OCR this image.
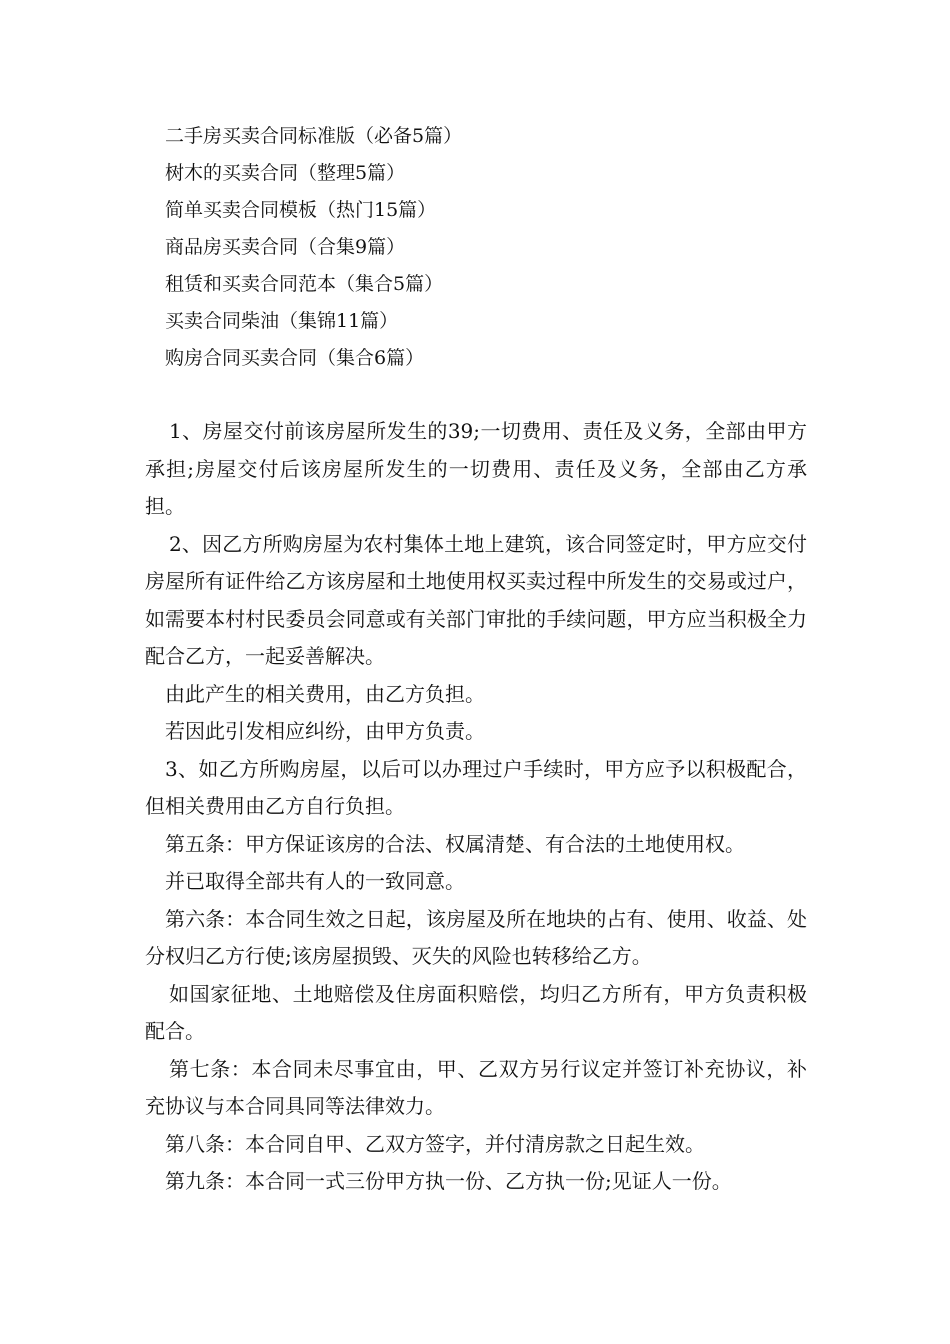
二手房买卖合同标准版（必备5篇）
树木的买卖合同（整理5篇）
简单买卖合同模板（热门15篇）
商品房买卖合同（合集9篇）
租赁和买卖合同范本（集合5篇）
买卖合同柴油（集锦11篇）
购房合同买卖合同（集合6篇）

1、房屋交付前该房屋所发生的39;一切费用、责任及义务，全部由甲方承担;房屋交付后该房屋所发生的一切费用、责任及义务，全部由乙方承担。

2、因乙方所购房屋为农村集体土地上建筑，该合同签定时，甲方应交付房屋所有证件给乙方该房屋和土地使用权买卖过程中所发生的交易或过户，如需要本村村民委员会同意或有关部门审批的手续问题，甲方应当积极全力配合乙方，一起妥善解决。

由此产生的相关费用，由乙方负担。

若因此引发相应纠纷，由甲方负责。

3、如乙方所购房屋，以后可以办理过户手续时，甲方应予以积极配合，但相关费用由乙方自行负担。

第五条：甲方保证该房的合法、权属清楚、有合法的土地使用权。

并已取得全部共有人的一致同意。

第六条：本合同生效之日起，该房屋及所在地块的占有、使用、收益、处分权归乙方行使;该房屋损毁、灭失的风险也转移给乙方。

如国家征地、土地赔偿及住房面积赔偿，均归乙方所有，甲方负责积极配合。

第七条：本合同未尽事宜由，甲、乙双方另行议定并签订补充协议，补充协议与本合同具同等法律效力。

第八条：本合同自甲、乙双方签字，并付清房款之日起生效。

第九条：本合同一式三份甲方执一份、乙方执一份;见证人一份。
